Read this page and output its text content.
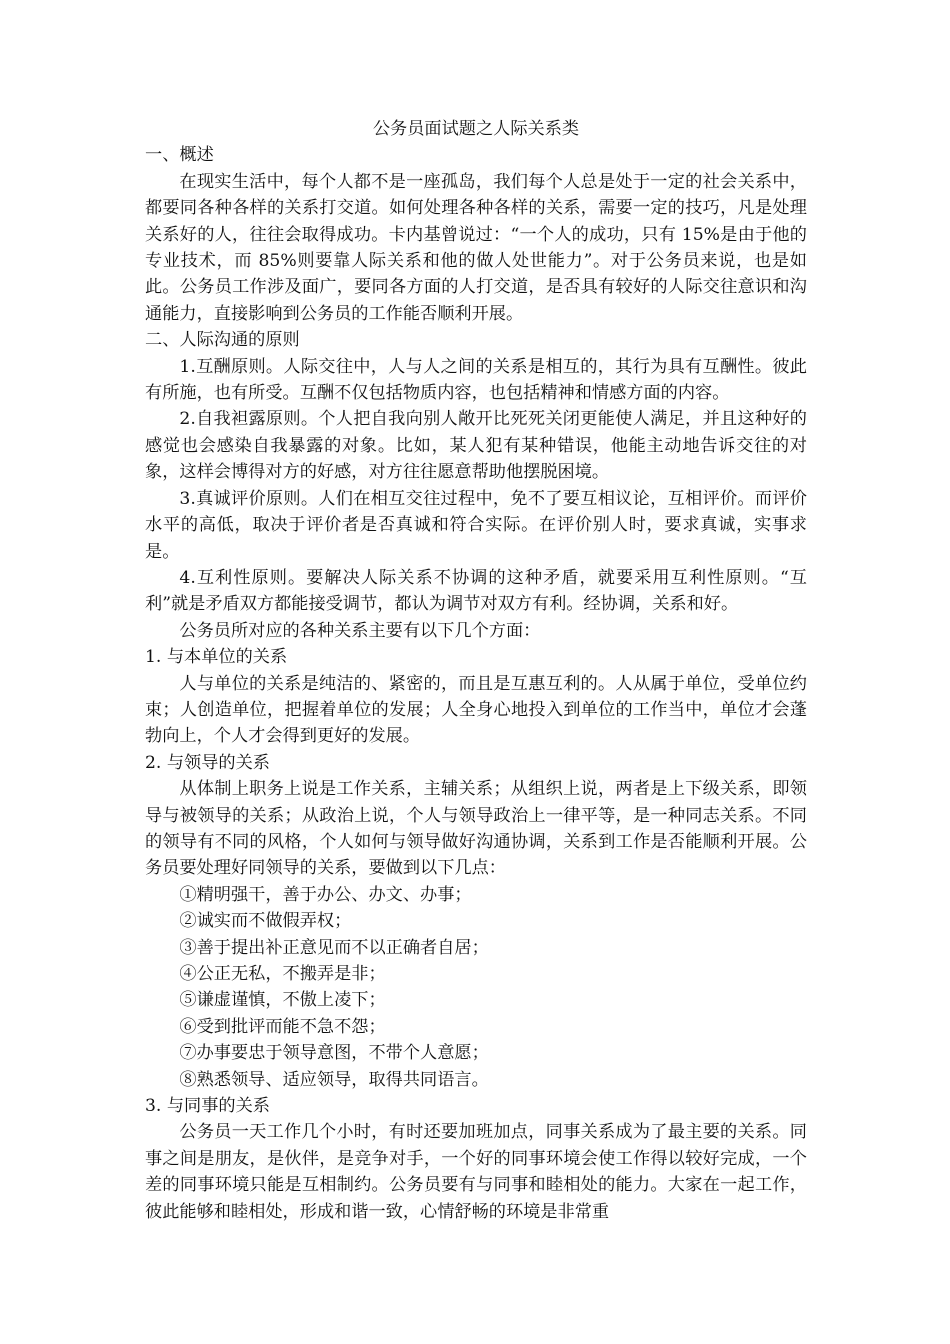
公务员面试题之人际关系类

一、概述

在现实生活中，每个人都不是一座孤岛，我们每个人总是处于一定的社会关系中，都要同各种各样的关系打交道。如何处理各种各样的关系，需要一定的技巧，凡是处理关系好的人，往往会取得成功。卡内基曾说过：“一个人的成功，只有 15%是由于他的专业技术，而 85%则要靠人际关系和他的做人处世能力”。对于公务员来说，也是如此。公务员工作涉及面广，要同各方面的人打交道，是否具有较好的人际交往意识和沟通能力，直接影响到公务员的工作能否顺利开展。

二、人际沟通的原则

1.互酬原则。人际交往中，人与人之间的关系是相互的，其行为具有互酬性。彼此有所施，也有所受。互酬不仅包括物质内容，也包括精神和情感方面的内容。

2.自我袒露原则。个人把自我向别人敞开比死死关闭更能使人满足，并且这种好的感觉也会感染自我暴露的对象。比如，某人犯有某种错误，他能主动地告诉交往的对象，这样会博得对方的好感，对方往往愿意帮助他摆脱困境。

3.真诚评价原则。人们在相互交往过程中，免不了要互相议论，互相评价。而评价水平的高低，取决于评价者是否真诚和符合实际。在评价别人时，要求真诚，实事求是。

4.互利性原则。要解决人际关系不协调的这种矛盾，就要采用互利性原则。“互利”就是矛盾双方都能接受调节，都认为调节对双方有利。经协调，关系和好。

公务员所对应的各种关系主要有以下几个方面：

1. 与本单位的关系

人与单位的关系是纯洁的、紧密的，而且是互惠互利的。人从属于单位，受单位约束；人创造单位，把握着单位的发展；人全身心地投入到单位的工作当中，单位才会蓬勃向上，个人才会得到更好的发展。

2. 与领导的关系

从体制上职务上说是工作关系，主辅关系；从组织上说，两者是上下级关系，即领导与被领导的关系；从政治上说，个人与领导政治上一律平等，是一种同志关系。不同的领导有不同的风格，个人如何与领导做好沟通协调，关系到工作是否能顺利开展。公务员要处理好同领导的关系，要做到以下几点：

①精明强干，善于办公、办文、办事；

②诚实而不做假弄权；

③善于提出补正意见而不以正确者自居；

④公正无私，不搬弄是非；

⑤谦虚谨慎，不傲上凌下；

⑥受到批评而能不急不怨；

⑦办事要忠于领导意图，不带个人意愿；

⑧熟悉领导、适应领导，取得共同语言。

3. 与同事的关系

公务员一天工作几个小时，有时还要加班加点，同事关系成为了最主要的关系。同事之间是朋友，是伙伴，是竞争对手，一个好的同事环境会使工作得以较好完成，一个差的同事环境只能是互相制约。公务员要有与同事和睦相处的能力。大家在一起工作，彼此能够和睦相处，形成和谐一致，心情舒畅的环境是非常重
